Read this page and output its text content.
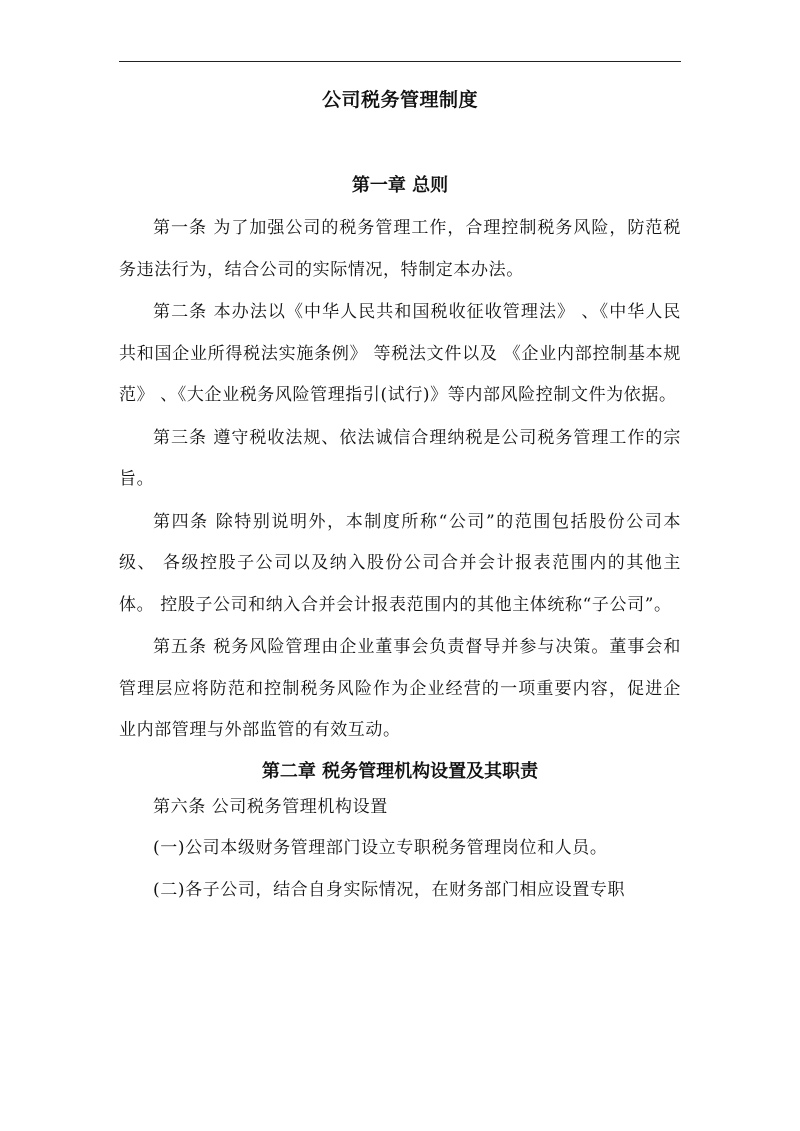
公司税务管理制度
第一章 总则

第一条 为了加强公司的税务管理工作，合理控制税务风险，防范税务违法行为，结合公司的实际情况，特制定本办法。

第二条 本办法以《中华人民共和国税收征收管理法》 、《中华人民共和国企业所得税法实施条例》 等税法文件以及 《企业内部控制基本规范》 、《大企业税务风险管理指引(试行)》等内部风险控制文件为依据。

第三条 遵守税收法规、依法诚信合理纳税是公司税务管理工作的宗旨。

第四条 除特别说明外，本制度所称“公司”的范围包括股份公司本级、 各级控股子公司以及纳入股份公司合并会计报表范围内的其他主体。 控股子公司和纳入合并会计报表范围内的其他主体统称“子公司”。

第五条 税务风险管理由企业董事会负责督导并参与决策。董事会和管理层应将防范和控制税务风险作为企业经营的一项重要内容，促进企业内部管理与外部监管的有效互动。

第二章 税务管理机构设置及其职责

第六条 公司税务管理机构设置

(一)公司本级财务管理部门设立专职税务管理岗位和人员。

(二)各子公司，结合自身实际情况，在财务部门相应设置专职
